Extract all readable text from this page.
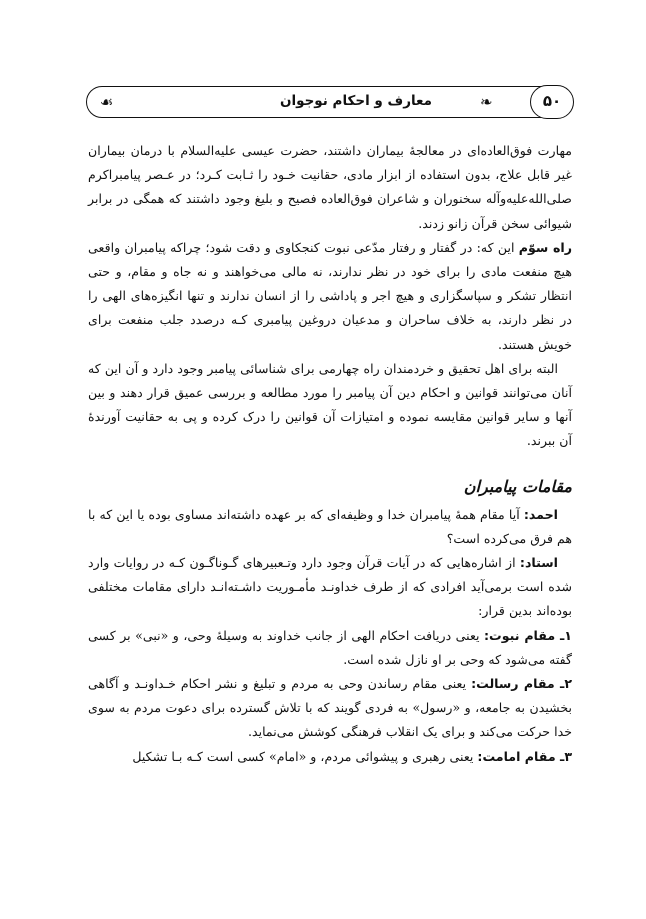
☙	معارف و احکام نوجوان	❧	۵۰

مهارت فوق‌العاده‌ای در معالجهٔ بیماران داشتند، حضرت عیسی علیه‌السلام با درمان بیماران غیر قابل علاج، بدون استفاده از ابزار مادی، حقانیت خـود را ثـابت کـرد؛ در عـصر پیامبراکرم صلی‌الله‌علیه‌وآله سخنوران و شاعران فوق‌العاده فصیح و بلیغ وجود داشتند که همگی در برابر شیوائی سخن قرآن زانو زدند.

راه سوّم این که: در گفتار و رفتار مدّعی نبوت کنجکاوی و دقت شود؛ چراکه پیامبران واقعی هیچ منفعت مادی را برای خود در نظر ندارند، نه مالی می‌خواهند و نه جاه و مقام، و حتی انتظار تشکر و سپاسگزاری و هیچ اجر و پاداشی را از انسان ندارند و تنها انگیزه‌های الهی را در نظر دارند، به خلاف ساحران و مدعیان دروغین پیامبری کـه درصدد جلب منفعت برای خویش هستند.

البته برای اهل تحقیق و خردمندان راه چهارمی برای شناسائی پیامبر وجود دارد و آن این که آنان می‌توانند قوانین و احکام دین آن پیامبر را مورد مطالعه و بررسی عمیق قرار دهند و بین آنها و سایر قوانین مقایسه نموده و امتیازات آن قوانین را درک کرده و پی به حقانیت آورندهٔ آن ببرند.

مقامات پیامبران

احمد: آیا مقام همهٔ پیامبران خدا و وظیفه‌ای که بر عهده داشته‌اند مساوی بوده یا این که با هم فرق می‌کرده است؟

استاد: از اشاره‌هایی که در آیات قرآن وجود دارد وتـعبیرهای گـوناگـون کـه در روایات وارد شده است برمی‌آید افرادی که از طرف خداونـد مأمـوریت داشـته‌انـد دارای مقامات مختلفی بوده‌اند بدین قرار:

۱ـ مقام نبوت: یعنی دریافت احکام الهی از جانب خداوند به وسیلهٔ وحی، و «نبی» بر کسی گفته می‌شود که وحی بر او نازل شده است.

۲ـ مقام رسالت: یعنی مقام رساندن وحی به مردم و تبلیغ و نشر احکام خـداونـد و آگاهی بخشیدن به جامعه، و «رسول» به فردی گویند که با تلاش گسترده برای دعوت مردم به سوی خدا حرکت می‌کند و برای یک انقلاب فرهنگی کوشش می‌نماید.

۳ـ مقام امامت: یعنی رهبری و پیشوائی مردم، و «امام» کسی است کـه بـا تشکیل
